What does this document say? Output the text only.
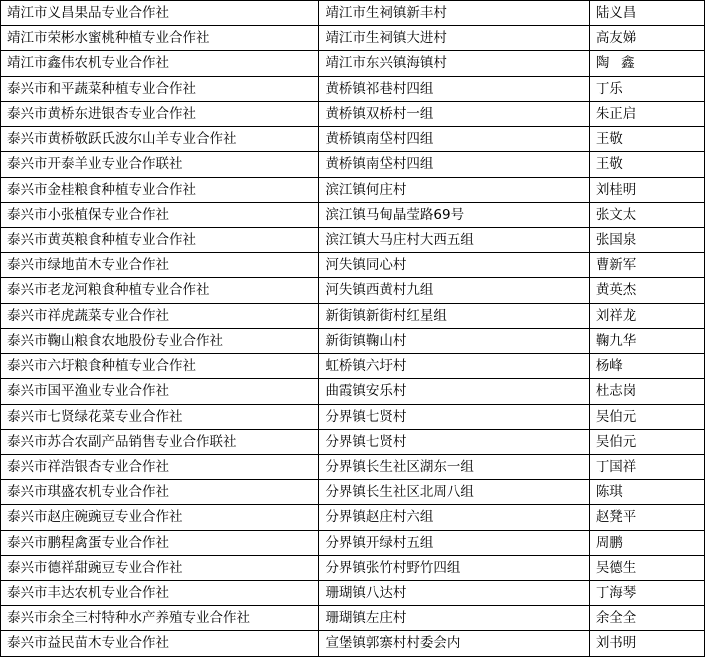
靖江市义昌果品专业合作社	靖江市生祠镇新丰村	陆义昌
靖江市荣彬水蜜桃种植专业合作社	靖江市生祠镇大进村	高友娣
靖江市鑫伟农机专业合作社	靖江市东兴镇海镇村	陶 鑫
泰兴市和平蔬菜种植专业合作社	黄桥镇祁巷村四组	丁乐
泰兴市黄桥东进银杏专业合作社	黄桥镇双桥村一组	朱正启
泰兴市黄桥敬跃氏波尔山羊专业合作社	黄桥镇南垈村四组	王敬
泰兴市开泰羊业专业合作联社	黄桥镇南垈村四组	王敬
泰兴市金桂粮食种植专业合作社	滨江镇何庄村	刘桂明
泰兴市小张植保专业合作社	滨江镇马甸晶莹路69号	张文太
泰兴市黄英粮食种植专业合作社	滨江镇大马庄村大西五组	张国泉
泰兴市绿地苗木专业合作社	河失镇同心村	曹新军
泰兴市老龙河粮食种植专业合作社	河失镇西黄村九组	黄英杰
泰兴市祥虎蔬菜专业合作社	新街镇新街村红星组	刘祥龙
泰兴市鞠山粮食农地股份专业合作社	新街镇鞠山村	鞠九华
泰兴市六圩粮食种植专业合作社	虹桥镇六圩村	杨峰
泰兴市国平渔业专业合作社	曲霞镇安乐村	杜志岗
泰兴市七贤绿花菜专业合作社	分界镇七贤村	吴伯元
泰兴市苏合农副产品销售专业合作联社	分界镇七贤村	吴伯元
泰兴市祥浩银杏专业合作社	分界镇长生社区湖东一组	丁国祥
泰兴市琪盛农机专业合作社	分界镇长生社区北周八组	陈琪
泰兴市赵庄碗豌豆专业合作社	分界镇赵庄村六组	赵凳平
泰兴市鹏程禽蛋专业合作社	分界镇开绿村五组	周鹏
泰兴市德祥甜豌豆专业合作社	分界镇张竹村野竹四组	吴德生
泰兴市丰达农机专业合作社	珊瑚镇八达村	丁海琴
泰兴市余全三村特种水产养殖专业合作社	珊瑚镇左庄村	余全全
泰兴市益民苗木专业合作社	宣堡镇郭寨村村委会内	刘书明
